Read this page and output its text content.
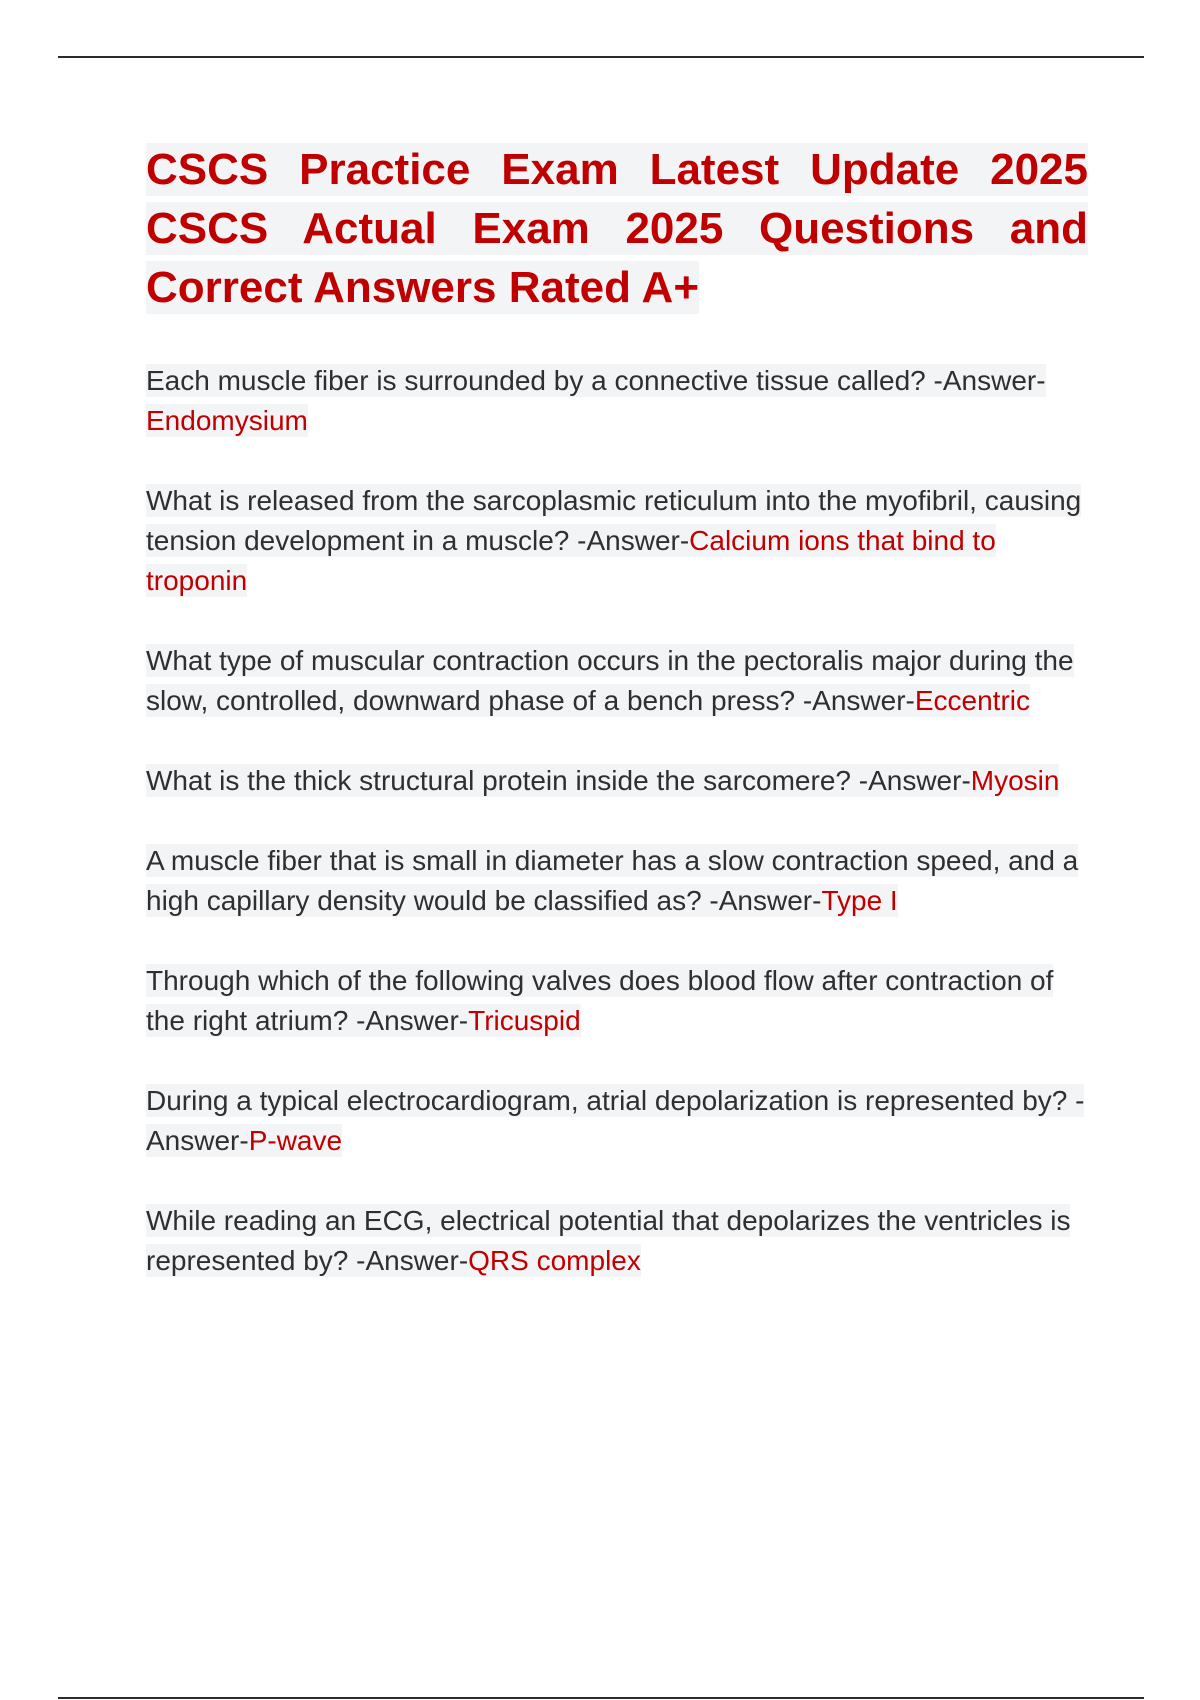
CSCS Practice Exam Latest Update 2025 CSCS Actual Exam 2025 Questions and Correct Answers Rated A+

Each muscle fiber is surrounded by a connective tissue called? -Answer-Endomysium

What is released from the sarcoplasmic reticulum into the myofibril, causing tension development in a muscle? -Answer-Calcium ions that bind to troponin

What type of muscular contraction occurs in the pectoralis major during the slow, controlled, downward phase of a bench press? -Answer-Eccentric

What is the thick structural protein inside the sarcomere? -Answer-Myosin

A muscle fiber that is small in diameter has a slow contraction speed, and a high capillary density would be classified as? -Answer-Type I

Through which of the following valves does blood flow after contraction of the right atrium? -Answer-Tricuspid

During a typical electrocardiogram, atrial depolarization is represented by? -Answer-P-wave

While reading an ECG, electrical potential that depolarizes the ventricles is represented by? -Answer-QRS complex
